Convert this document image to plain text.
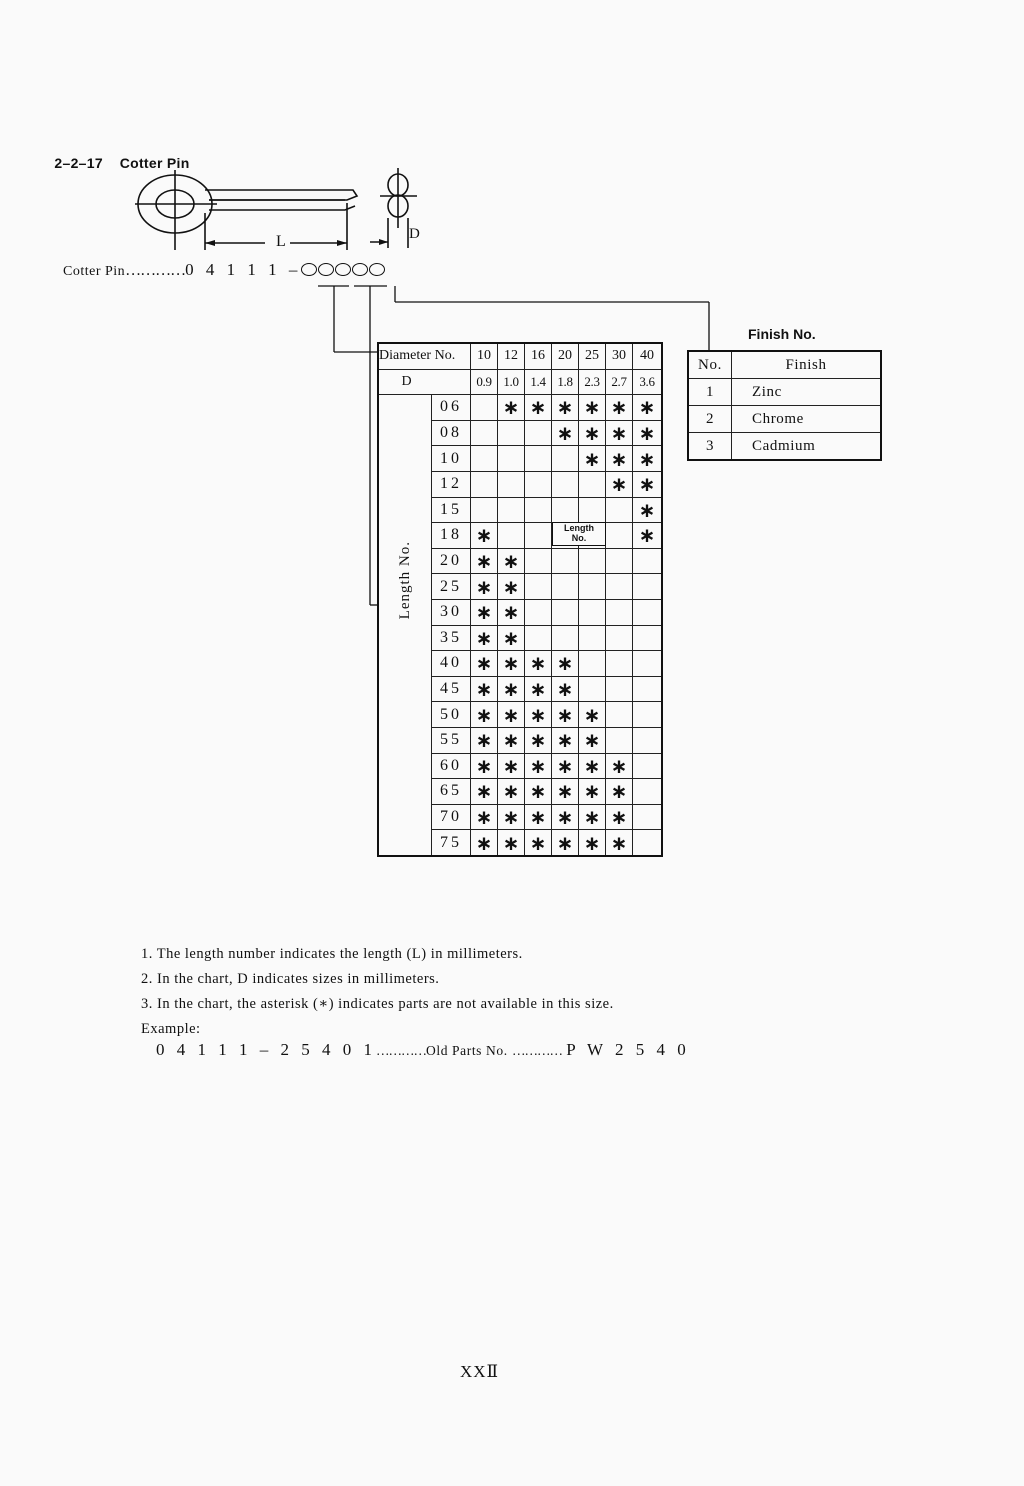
2–2–17 Cotter Pin

L	D
Cotter Pin…………0 4 1 1 1 –
Diameter No.		10	12	16	20	25	30	40
D		0.9	1.0	1.4	1.8	2.3	2.7	3.6

Length No.	06		∗	∗	∗	∗	∗	∗
	08				∗	∗	∗	∗
	10					∗	∗	∗
	12						∗	∗
	15							∗
	18	∗						∗
	20	∗	∗					
	25	∗	∗					
	30	∗	∗					
	35	∗	∗					
	40	∗	∗	∗	∗			
	45	∗	∗	∗	∗			
	50	∗	∗	∗	∗	∗		
	55	∗	∗	∗	∗	∗		
	60	∗	∗	∗	∗	∗	∗	
	65	∗	∗	∗	∗	∗	∗	
	70	∗	∗	∗	∗	∗	∗	
	75	∗	∗	∗	∗	∗	∗	
Length
No.
Finish No.
No.	Finish
1	Zinc
2	Chrome
3	Cadmium
1. The length number indicates the length (L) in millimeters.
2. In the chart, D indicates sizes in millimeters.
3. In the chart, the asterisk (∗) indicates parts are not available in this size.
Example:
0 4 1 1 1 – 2 5 4 0 1…………Old Parts No. ………… P W 2 5 4 0
XXⅡ
